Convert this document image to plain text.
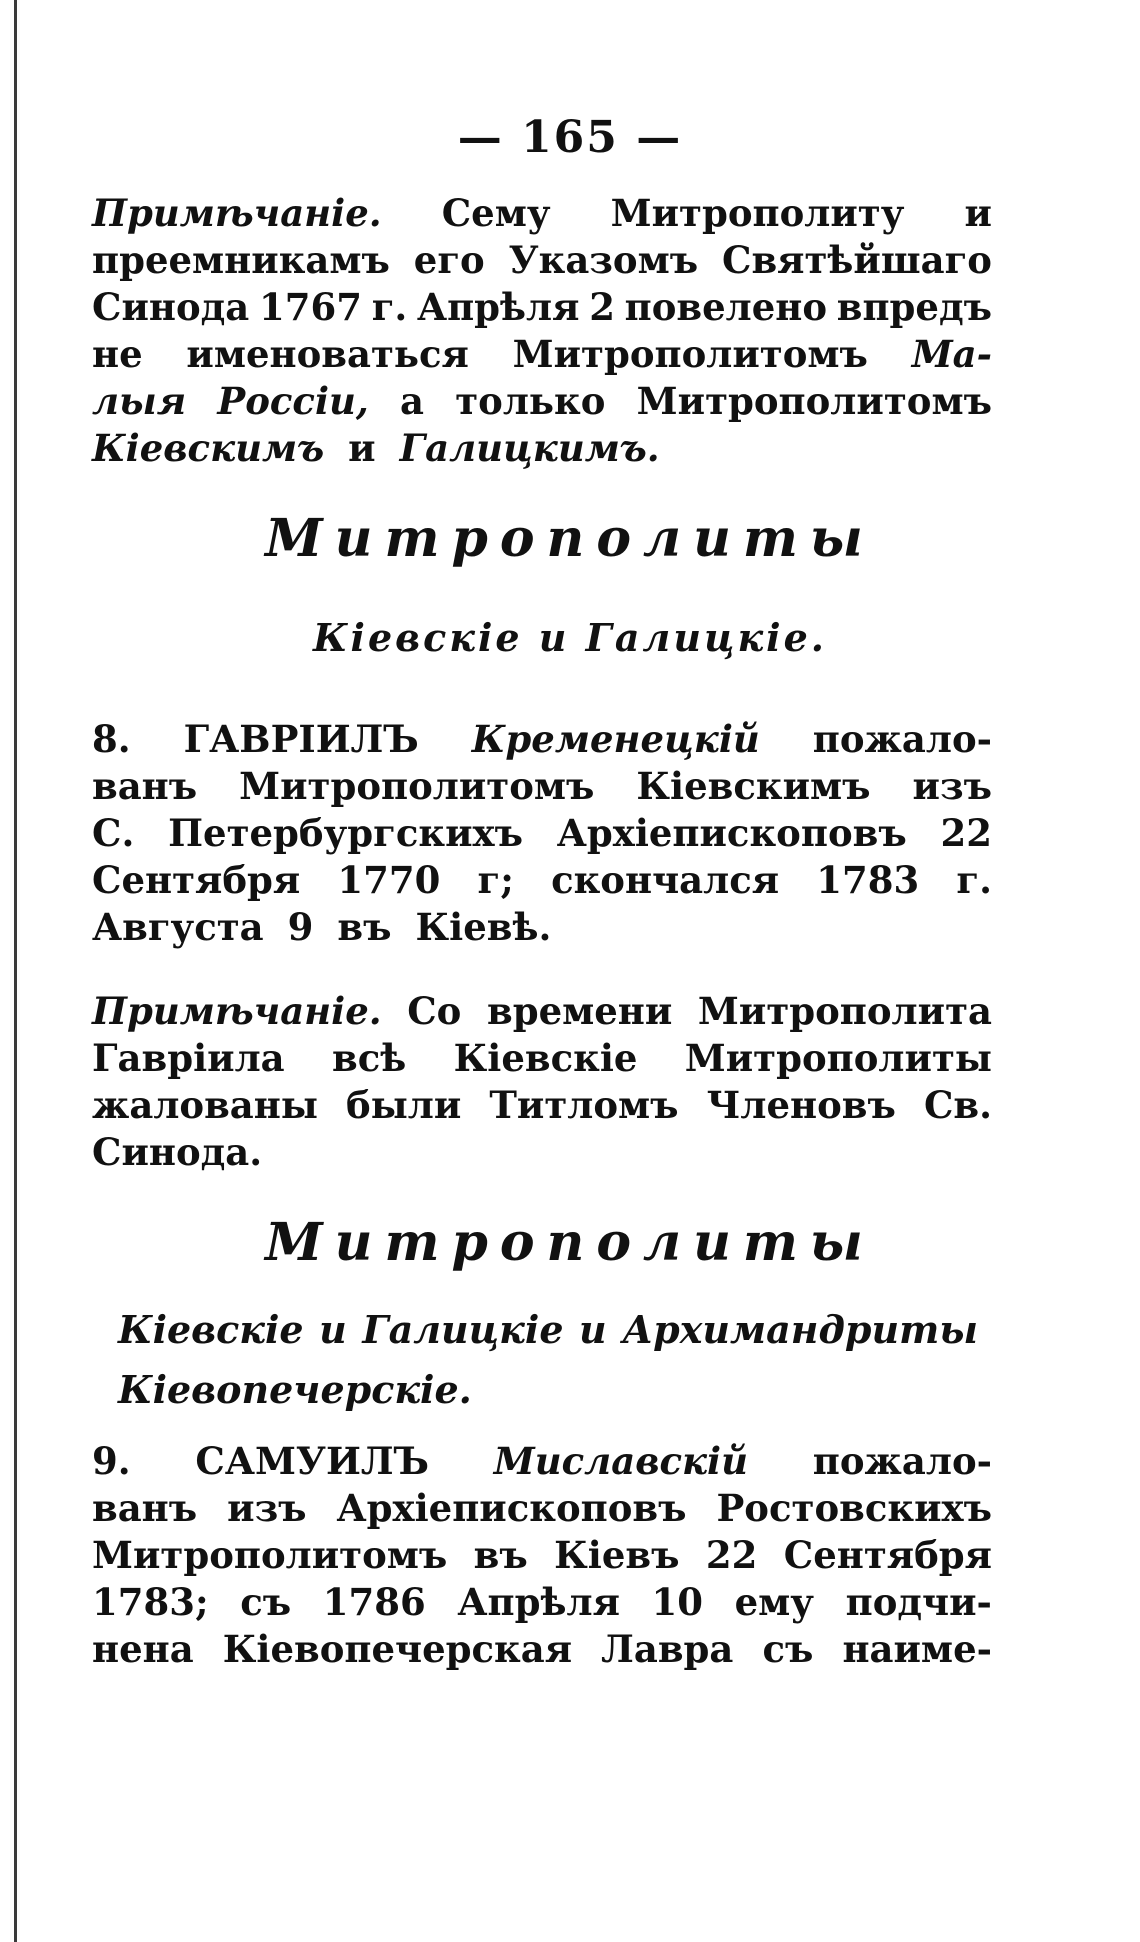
— 165 —
Примѣчаніе. Сему Митрополиту и
преемникамъ его Указомъ Святѣйшаго
Синода 1767 г. Апрѣля 2 повелено впредъ
не именоваться Митрополитомъ Ма-
лыя Россіи, а только Митрополитомъ
Кіевскимъ и Галицкимъ.
Митрополиты
Кіевскіе и Галицкіе.
8. ГАВРІИЛЪ Кременецкій пожало-
ванъ Митрополитомъ Кіевскимъ изъ
С. Петербургскихъ Архіепископовъ 22
Сентября 1770 г; скончался 1783 г.
Августа 9 въ Кіевѣ.
Примѣчаніе. Со времени Митрополита
Гавріила всѣ Кіевскіе Митрополиты
жалованы были Титломъ Членовъ Св.
Синода.
Митрополиты
Кіевскіе и Галицкіе и Архимандриты
Кіевопечерскіе.
9. САМУИЛЪ Миславскій пожало-
ванъ изъ Архіепископовъ Ростовскихъ
Митрополитомъ въ Кіевъ 22 Сентября
1783; съ 1786 Апрѣля 10 ему подчи-
нена Кіевопечерская Лавра съ наиме-
